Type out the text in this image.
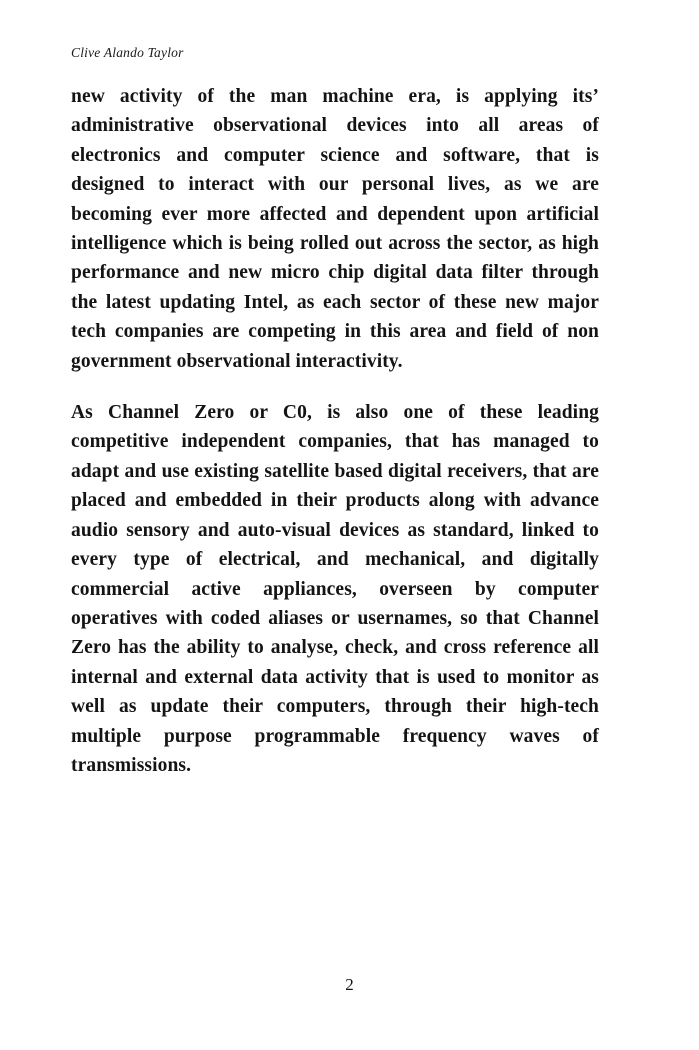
Clive Alando Taylor

new activity of the man machine era, is applying its’ administrative observational devices into all areas of electronics and computer science and software, that is designed to interact with our personal lives, as we are becoming ever more affected and dependent upon artificial intelligence which is being rolled out across the sector, as high performance and new micro chip digital data filter through the latest updating Intel, as each sector of these new major tech companies are competing in this area and field of non government observational interactivity.

As Channel Zero or C0, is also one of these leading competitive independent companies, that has managed to adapt and use existing satellite based digital receivers, that are placed and embedded in their products along with advance audio sensory and auto-visual devices as standard, linked to every type of electrical, and mechanical, and digitally commercial active appliances, overseen by computer operatives with coded aliases or usernames, so that Channel Zero has the ability to analyse, check, and cross reference all internal and external data activity that is used to monitor as well as update their computers, through their high-tech multiple purpose programmable frequency waves of transmissions.

2
